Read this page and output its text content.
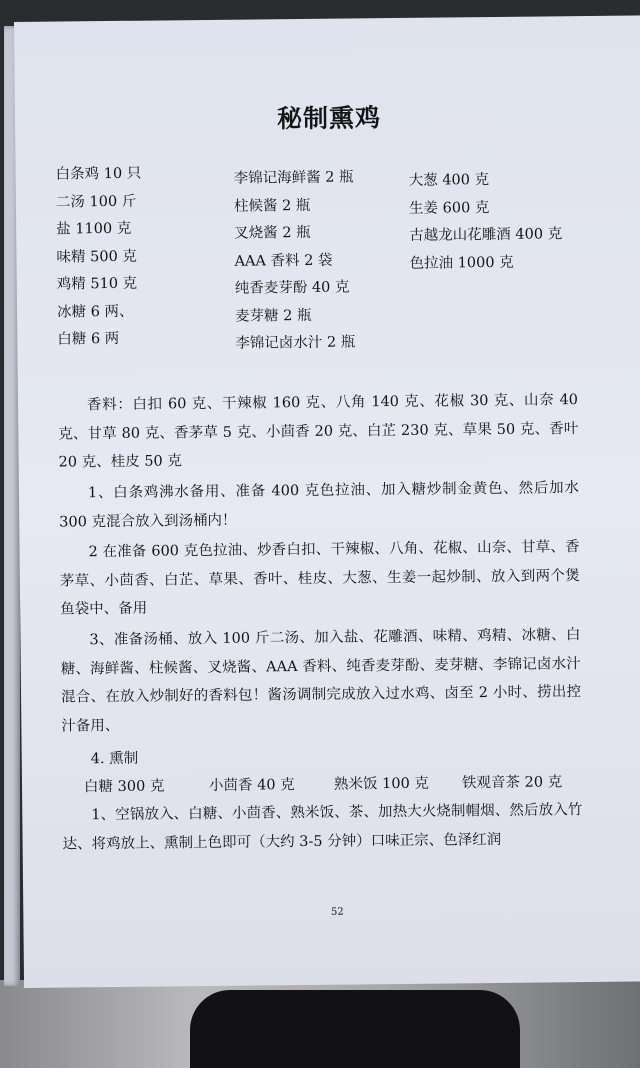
秘制熏鸡
白条鸡 10 只
二汤 100 斤
盐 1100 克
味精 500 克
鸡精 510 克
冰糖 6 两、
白糖 6 两
李锦记海鲜酱 2 瓶
柱候酱 2 瓶
叉烧酱 2 瓶
AAA 香料 2 袋
纯香麦芽酚 40 克
麦芽糖 2 瓶
李锦记卤水汁 2 瓶
大葱 400 克
生姜 600 克
古越龙山花雕酒 400 克
色拉油 1000 克
香料：白扣 60 克、干辣椒 160 克、八角 140 克、花椒 30 克、山奈 40 克、甘草 80 克、香茅草 5 克、小茴香 20 克、白芷 230 克、草果 50 克、香叶 20 克、桂皮 50 克
1、白条鸡沸水备用、准备 400 克色拉油、加入糖炒制金黄色、然后加水 300 克混合放入到汤桶内！
2 在准备 600 克色拉油、炒香白扣、干辣椒、八角、花椒、山奈、甘草、香茅草、小茴香、白芷、草果、香叶、桂皮、大葱、生姜一起炒制、放入到两个煲鱼袋中、备用
3、准备汤桶、放入 100 斤二汤、加入盐、花雕酒、味精、鸡精、冰糖、白糖、海鲜酱、柱候酱、叉烧酱、AAA 香料、纯香麦芽酚、麦芽糖、李锦记卤水汁混合、在放入炒制好的香料包！酱汤调制完成放入过水鸡、卤至 2 小时、捞出控汁备用、
4. 熏制
白糖 300 克	小茴香 40 克	熟米饭 100 克 铁观音茶 20 克
1、空锅放入、白糖、小茴香、熟米饭、茶、加热大火烧制帽烟、然后放入竹达、将鸡放上、熏制上色即可（大约 3-5 分钟）口味正宗、色泽红润
52
